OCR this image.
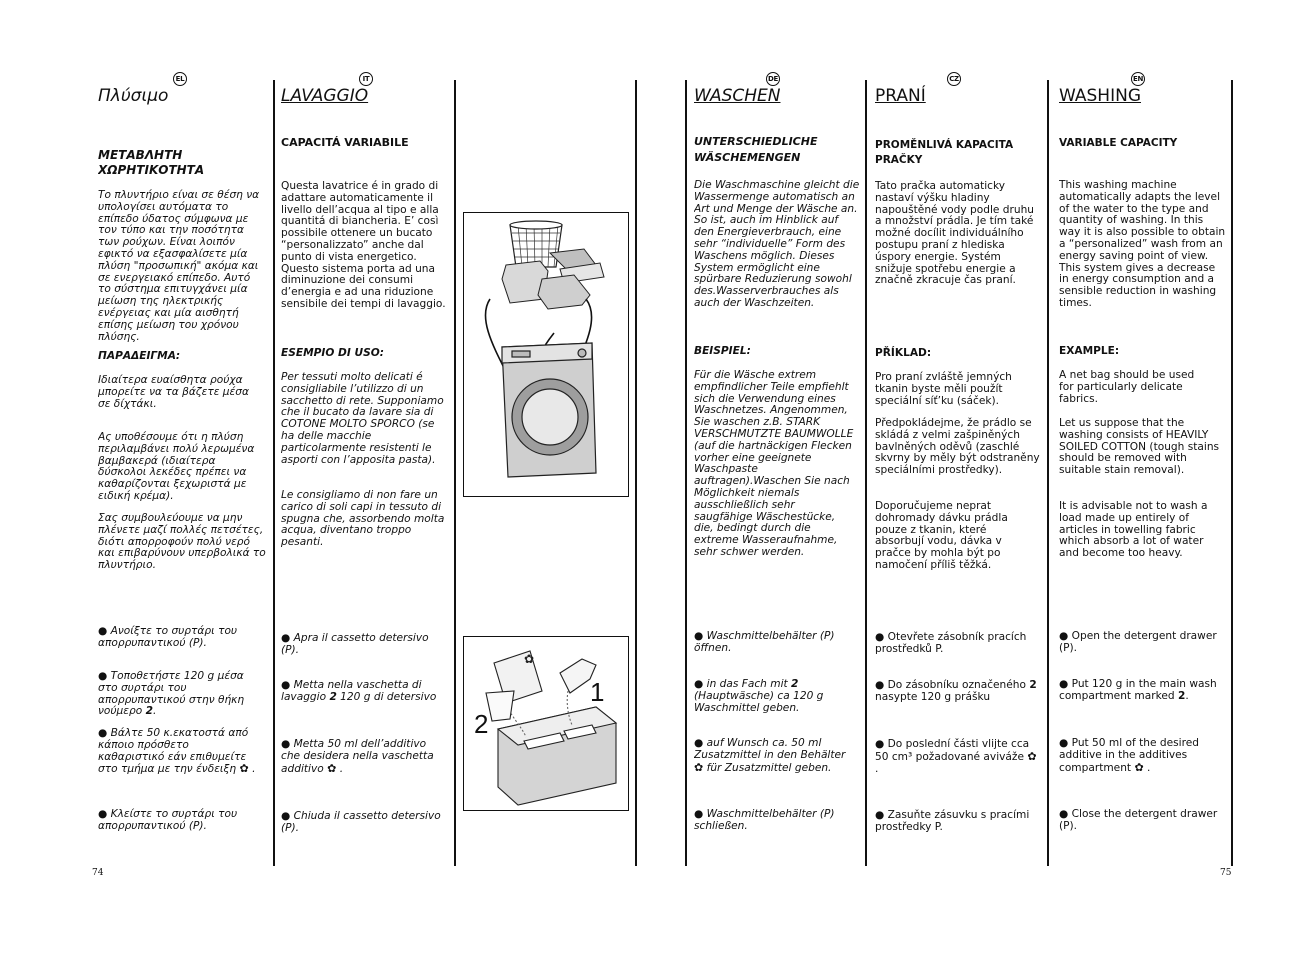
74	75
EL
Πλύσιμο
ΜΕΤΑΒΛΗΤΗ ΧΩΡΗΤΙΚΟΤΗΤΑ
Το πλυντήριο είναι σε θέση να υπολογίσει αυτόματα το επίπεδο ύδατος σύμφωνα με τον τύπο και την ποσότητα των ρούχων. Είναι λοιπόν εφικτό να εξασφαλίσετε μία πλύση "προσωπική" ακόμα και σε ενεργειακό επίπεδο. Αυτό το σύστημα επιτυγχάνει μία μείωση της ηλεκτρικής ενέργειας και μία αισθητή επίσης μείωση του χρόνου πλύσης.
ΠΑΡΑΔΕΙΓΜΑ:
Ιδιαίτερα ευαίσθητα ρούχα μπορείτε να τα βάζετε μέσα σε δίχτάκι.
Ας υποθέσουμε ότι η πλύση περιλαμβάνει πολύ λερωμένα βαμβακερά (ιδιαίτερα δύσκολοι λεκέδες πρέπει να καθαρίζονται ξεχωριστά με ειδική κρέμα).
Σας συμβουλεύουμε να μην πλένετε μαζί πολλές πετσέτες, διότι απορροφούν πολύ νερό και επιβαρύνουν υπερβολικά το πλυντήριο.
● Ανοίξτε το συρτάρι του απορρυπαντικού (P).
● Τοποθετήστε 120 g μέσα στο συρτάρι του απορρυπαντικού στην θήκη νούμερο 2.
● Βάλτε 50 κ.εκατοστά από κάποιο πρόσθετο καθαριστικό εάν επιθυμείτε στο τμήμα με την ένδειξη ✿ .
● Κλείστε το συρτάρι του απορρυπαντικού (P).
IT
LAVAGGIO
CAPACITÁ VARIABILE
Questa lavatrice é in grado di adattare automaticamente il livello dell’acqua al tipo e alla quantitá di biancheria. E’ così possibile ottenere un bucato “personalizzato” anche dal punto di vista energetico. Questo sistema porta ad una diminuzione dei consumi d’energia e ad una riduzione sensibile dei tempi di lavaggio.
ESEMPIO DI USO:
Per tessuti molto delicati é consigliabile l’utilizzo di un sacchetto di rete. Supponiamo che il bucato da lavare sia di COTONE MOLTO SPORCO (se ha delle macchie particolarmente resistenti le asporti con l’apposita pasta).
Le consigliamo di non fare un carico di soli capi in tessuto di spugna che, assorbendo molta acqua, diventano troppo pesanti.
● Apra il cassetto detersivo (P).
● Metta nella vaschetta di lavaggio 2 120 g di detersivo
● Metta 50 ml dell’additivo che desidera nella vaschetta additivo ✿ .
● Chiuda il cassetto detersivo (P).
2
1
✿
DE
WASCHEN
UNTERSCHIEDLICHE WÄSCHEMENGEN
Die Waschmaschine gleicht die Wassermenge automatisch an Art und Menge der Wäsche an. So ist, auch im Hinblick auf den Energieverbrauch, eine sehr “individuelle” Form des Waschens möglich. Dieses System ermöglicht eine spürbare Reduzierung sowohl des.Wasserverbrauches als auch der Waschzeiten.
BEISPIEL:
Für die Wäsche extrem empfindlicher Teile empfiehlt sich die Verwendung eines Waschnetzes. Angenommen, Sie waschen z.B. STARK VERSCHMUTZTE BAUMWOLLE (auf die hartnäckigen Flecken vorher eine geeignete Waschpaste auftragen).Waschen Sie nach Möglichkeit niemals ausschließlich sehr saugfähige Wäschestücke, die, bedingt durch die extreme Wasseraufnahme, sehr schwer werden.
● Waschmittelbehälter (P) öffnen.
● in das Fach mit 2 (Hauptwäsche) ca 120 g Waschmittel geben.
● auf Wunsch ca. 50 ml Zusatzmittel in den Behälter ✿ für Zusatzmittel geben.
● Waschmittelbehälter (P) schließen.
CZ
PRANÍ
PROMĚNLIVÁ KAPACITA PRAČKY
Tato pračka automaticky nastaví výšku hladiny napouštěné vody podle druhu a množství prádla. Je tím také možné docílit individuálního postupu praní z hlediska úspory energie. Systém snižuje spotřebu energie a značně zkracuje čas praní.
PŘÍKLAD:
Pro praní zvláště jemných tkanin byste měli použít speciální síť’ku (sáček).
Předpokládejme, že prádlo se skládá z velmi zašpiněných bavlněných oděvů (zaschlé skvrny by měly být odstraněny speciálními prostředky).
Doporučujeme neprat dohromady dávku prádla pouze z tkanin, které absorbují vodu, dávka v pračce by mohla být po namočení příliš těžká.
● Otevřete zásobník pracích prostředků P.
● Do zásobníku označeného 2 nasypte 120 g prášku
● Do poslední části vlijte cca 50 cm³ požadované aviváže ✿ .
● Zasuňte zásuvku s pracími prostředky P.
EN
WASHING
VARIABLE CAPACITY
This washing machine automatically adapts the level of the water to the type and quantity of washing. In this way it is also possible to obtain a “personalized” wash from an energy saving point of view. This system gives a decrease in energy consumption and a sensible reduction in washing times.
EXAMPLE:
A net bag should be used for particularly delicate fabrics.
Let us suppose that the washing consists of HEAVILY SOILED COTTON (tough stains should be removed with suitable stain removal).
It is advisable not to wash a load made up entirely of articles in towelling fabric which absorb a lot of water and become too heavy.
● Open the detergent drawer (P).
● Put 120 g in the main wash compartment marked 2.
● Put 50 ml of the desired additive in the additives compartment ✿ .
● Close the detergent drawer (P).
